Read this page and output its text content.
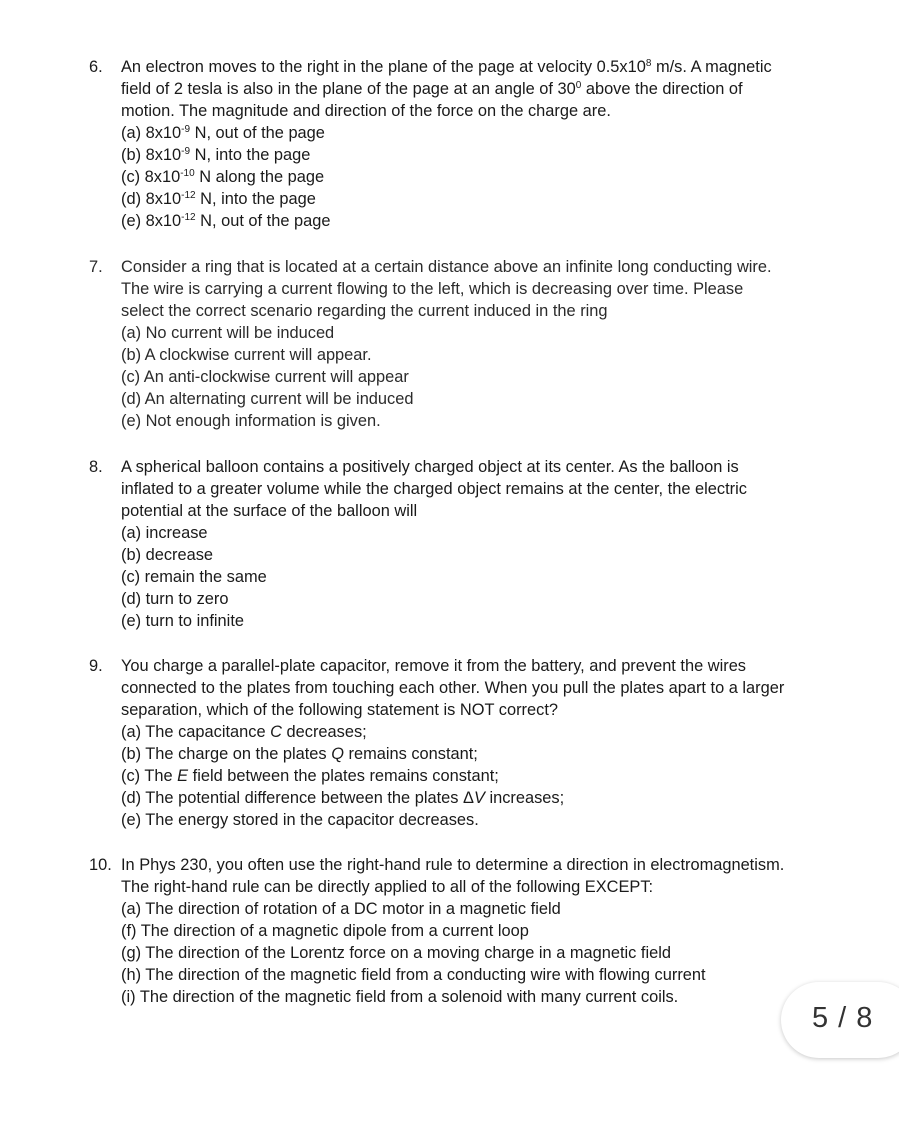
6. An electron moves to the right in the plane of the page at velocity $0.5x10^8$ m/s. A magnetic
field of 2 tesla is also in the plane of the page at an angle of $30^0$ above the direction of
motion. The magnitude and direction of the force on the charge are.
(a) $8x10^{-9}$ N, out of the page
(b) $8x10^{-9}$ N, into the page
(c) $8x10^{-10}$ N along the page
(d) $8x10^{-12}$ N, into the page
(e) $8x10^{-12}$ N, out of the page
7. Consider a ring that is located at a certain distance above an infinite long conducting wire.
The wire is carrying a current flowing to the left, which is decreasing over time. Please
select the correct scenario regarding the current induced in the ring
(a) No current will be induced
(b) A clockwise current will appear.
(c) An anti-clockwise current will appear
(d) An alternating current will be induced
(e) Not enough information is given.
8. A spherical balloon contains a positively charged object at its center. As the balloon is
inflated to a greater volume while the charged object remains at the center, the electric
potential at the surface of the balloon will
(a) increase
(b) decrease
(c) remain the same
(d) turn to zero
(e) turn to infinite
9. You charge a parallel-plate capacitor, remove it from the battery, and prevent the wires
connected to the plates from touching each other. When you pull the plates apart to a larger
separation, which of the following statement is NOT correct?
(a) The capacitance C decreases;
(b) The charge on the plates Q remains constant;
(c) The E field between the plates remains constant;
(d) The potential difference between the plates ΔV increases;
(e) The energy stored in the capacitor decreases.
10. In Phys 230, you often use the right-hand rule to determine a direction in electromagnetism.
The right-hand rule can be directly applied to all of the following EXCEPT:
(a) The direction of rotation of a DC motor in a magnetic field
(f) The direction of a magnetic dipole from a current loop
(g) The direction of the Lorentz force on a moving charge in a magnetic field
(h) The direction of the magnetic field from a conducting wire with flowing current
(i) The direction of the magnetic field from a solenoid with many current coils.
5 / 8
